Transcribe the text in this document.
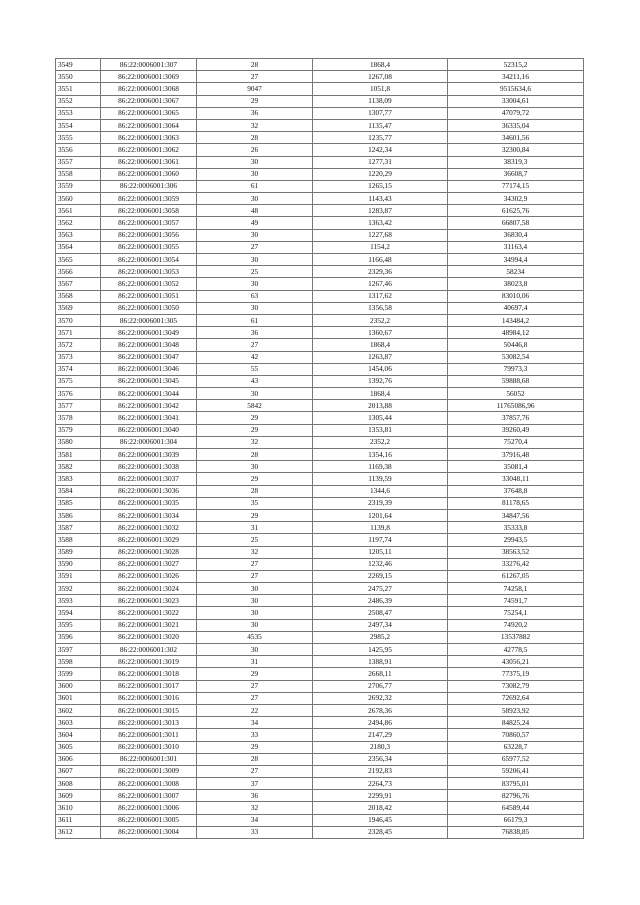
3549	86:22:0006001:307	28	1868,4	52315,2
3550	86:22:0006001:3069	27	1267,08	34211,16
3551	86:22:0006001:3068	9047	1051,8	9515634,6
3552	86:22:0006001:3067	29	1138,09	33004,61
3553	86:22:0006001:3065	36	1307,77	47079,72
3554	86:22:0006001:3064	32	1135,47	36335,04
3555	86:22:0006001:3063	28	1235,77	34601,56
3556	86:22:0006001:3062	26	1242,34	32300,84
3557	86:22:0006001:3061	30	1277,31	38319,3
3558	86:22:0006001:3060	30	1220,29	36608,7
3559	86:22:0006001:306	61	1265,15	77174,15
3560	86:22:0006001:3059	30	1143,43	34302,9
3561	86:22:0006001:3058	48	1283,87	61625,76
3562	86:22:0006001:3057	49	1363,42	66807,58
3563	86:22:0006001:3056	30	1227,68	36830,4
3564	86:22:0006001:3055	27	1154,2	31163,4
3565	86:22:0006001:3054	30	1166,48	34994,4
3566	86:22:0006001:3053	25	2329,36	58234
3567	86:22:0006001:3052	30	1267,46	38023,8
3568	86:22:0006001:3051	63	1317,62	83010,06
3569	86:22:0006001:3050	30	1356,58	40697,4
3570	86:22:0006001:305	61	2352,2	143484,2
3571	86:22:0006001:3049	36	1360,67	48984,12
3572	86:22:0006001:3048	27	1868,4	50446,8
3573	86:22:0006001:3047	42	1263,87	53082,54
3574	86:22:0006001:3046	55	1454,06	79973,3
3575	86:22:0006001:3045	43	1392,76	59888,68
3576	86:22:0006001:3044	30	1868,4	56052
3577	86:22:0006001:3042	5842	2013,88	11765086,96
3578	86:22:0006001:3041	29	1305,44	37857,76
3579	86:22:0006001:3040	29	1353,81	39260,49
3580	86:22:0006001:304	32	2352,2	75270,4
3581	86:22:0006001:3039	28	1354,16	37916,48
3582	86:22:0006001:3038	30	1169,38	35081,4
3583	86:22:0006001:3037	29	1139,59	33048,11
3584	86:22:0006001:3036	28	1344,6	37648,8
3585	86:22:0006001:3035	35	2319,39	81178,65
3586	86:22:0006001:3034	29	1201,64	34847,56
3587	86:22:0006001:3032	31	1139,8	35333,8
3588	86:22:0006001:3029	25	1197,74	29943,5
3589	86:22:0006001:3028	32	1205,11	38563,52
3590	86:22:0006001:3027	27	1232,46	33276,42
3591	86:22:0006001:3026	27	2269,15	61267,05
3592	86:22:0006001:3024	30	2475,27	74258,1
3593	86:22:0006001:3023	30	2486,39	74591,7
3594	86:22:0006001:3022	30	2508,47	75254,1
3595	86:22:0006001:3021	30	2497,34	74920,2
3596	86:22:0006001:3020	4535	2985,2	13537882
3597	86:22:0006001:302	30	1425,95	42778,5
3598	86:22:0006001:3019	31	1388,91	43056,21
3599	86:22:0006001:3018	29	2668,11	77375,19
3600	86:22:0006001:3017	27	2706,77	73082,79
3601	86:22:0006001:3016	27	2692,32	72692,64
3602	86:22:0006001:3015	22	2678,36	58923,92
3603	86:22:0006001:3013	34	2494,86	84825,24
3604	86:22:0006001:3011	33	2147,29	70860,57
3605	86:22:0006001:3010	29	2180,3	63228,7
3606	86:22:0006001:301	28	2356,34	65977,52
3607	86:22:0006001:3009	27	2192,83	59206,41
3608	86:22:0006001:3008	37	2264,73	83795,01
3609	86:22:0006001:3007	36	2299,91	82796,76
3610	86:22:0006001:3006	32	2018,42	64589,44
3611	86:22:0006001:3005	34	1946,45	66179,3
3612	86:22:0006001:3004	33	2328,45	76838,85
